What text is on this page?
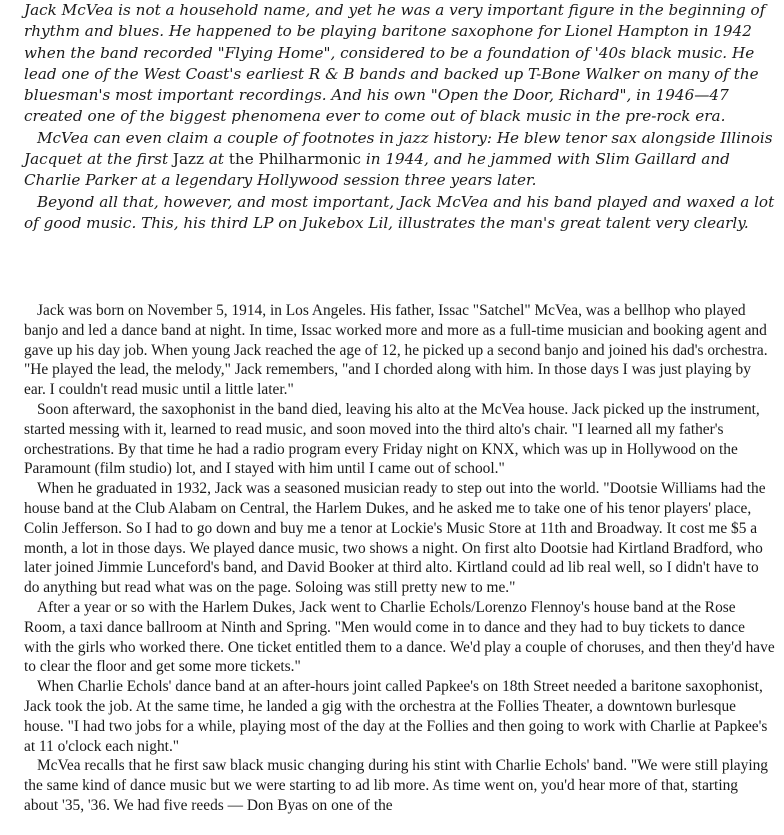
Jack McVea is not a household name, and yet he was a very important figure in the beginning of rhythm and blues. He happened to be playing baritone saxophone for Lionel Hampton in 1942 when the band recorded "Flying Home", considered to be a foundation of '40s black music. He lead one of the West Coast's earliest R & B bands and backed up T-Bone Walker on many of the bluesman's most important recordings. And his own "Open the Door, Richard", in 1946—47 created one of the biggest phenomena ever to come out of black music in the pre-rock era.

McVea can even claim a couple of footnotes in jazz history: He blew tenor sax alongside Illinois Jacquet at the first Jazz at the Philharmonic in 1944, and he jammed with Slim Gaillard and Charlie Parker at a legendary Hollywood session three years later.

Beyond all that, however, and most important, Jack McVea and his band played and waxed a lot of good music. This, his third LP on Jukebox Lil, illustrates the man's great talent very clearly.

Jack was born on November 5, 1914, in Los Angeles. His father, Issac "Satchel" McVea, was a bellhop who played banjo and led a dance band at night. In time, Issac worked more and more as a full-time musician and booking agent and gave up his day job. When young Jack reached the age of 12, he picked up a second banjo and joined his dad's orchestra. "He played the lead, the melody," Jack remembers, "and I chorded along with him. In those days I was just playing by ear. I couldn't read music until a little later."

Soon afterward, the saxophonist in the band died, leaving his alto at the McVea house. Jack picked up the instrument, started messing with it, learned to read music, and soon moved into the third alto's chair. "I learned all my father's orchestrations. By that time he had a radio program every Friday night on KNX, which was up in Hollywood on the Paramount (film studio) lot, and I stayed with him until I came out of school."

When he graduated in 1932, Jack was a seasoned musician ready to step out into the world. "Dootsie Williams had the house band at the Club Alabam on Central, the Harlem Dukes, and he asked me to take one of his tenor players' place, Colin Jefferson. So I had to go down and buy me a tenor at Lockie's Music Store at 11th and Broadway. It cost me $5 a month, a lot in those days. We played dance music, two shows a night. On first alto Dootsie had Kirtland Bradford, who later joined Jimmie Lunceford's band, and David Booker at third alto. Kirtland could ad lib real well, so I didn't have to do anything but read what was on the page. Soloing was still pretty new to me."

After a year or so with the Harlem Dukes, Jack went to Charlie Echols/Lorenzo Flennoy's house band at the Rose Room, a taxi dance ballroom at Ninth and Spring. "Men would come in to dance and they had to buy tickets to dance with the girls who worked there. One ticket entitled them to a dance. We'd play a couple of choruses, and then they'd have to clear the floor and get some more tickets."

When Charlie Echols' dance band at an after-hours joint called Papkee's on 18th Street needed a baritone saxophonist, Jack took the job. At the same time, he landed a gig with the orchestra at the Follies Theater, a downtown burlesque house. "I had two jobs for a while, playing most of the day at the Follies and then going to work with Charlie at Papkee's at 11 o'clock each night."

McVea recalls that he first saw black music changing during his stint with Charlie Echols' band. "We were still playing the same kind of dance music but we were starting to ad lib more. As time went on, you'd hear more of that, starting about '35, '36. We had five reeds — Don Byas on one of the
